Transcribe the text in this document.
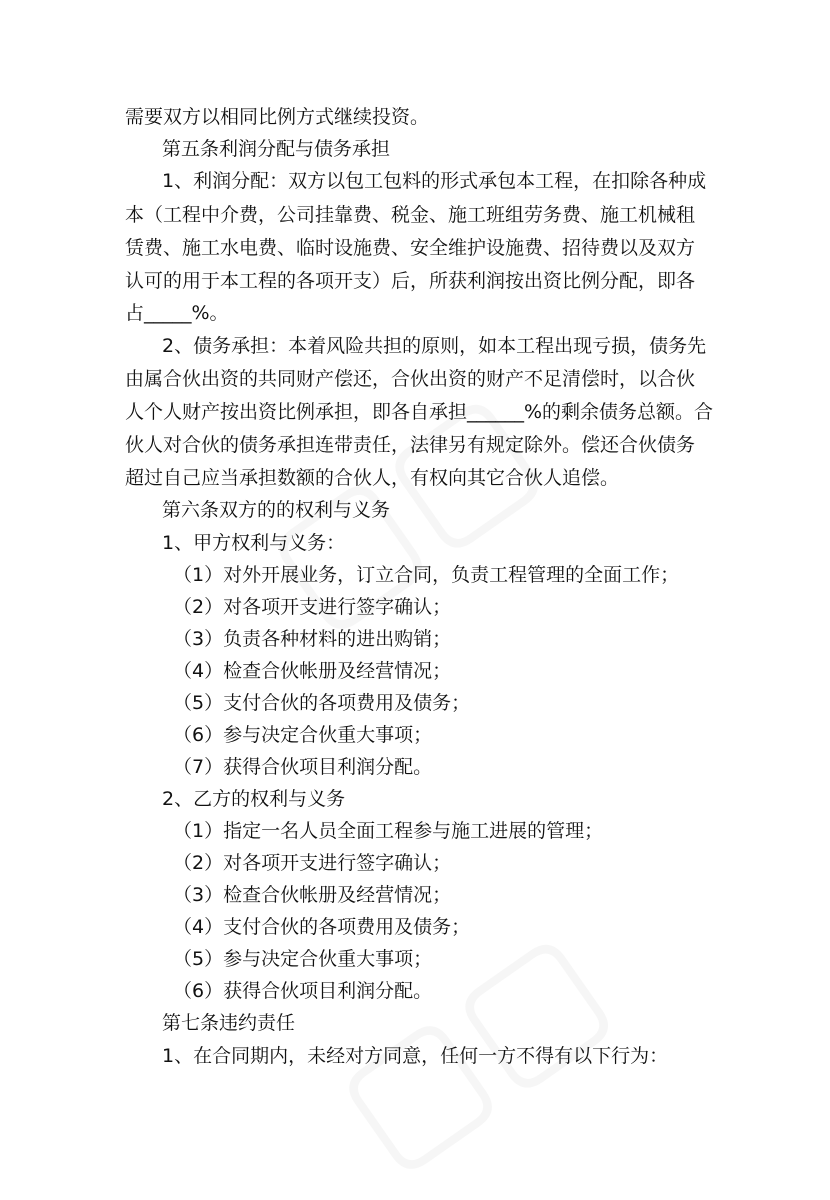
需要双方以相同比例方式继续投资。
第五条利润分配与债务承担
1、利润分配：双方以包工包料的形式承包本工程，在扣除各种成
本（工程中介费，公司挂靠费、税金、施工班组劳务费、施工机械租
赁费、施工水电费、临时设施费、安全维护设施费、招待费以及双方
认可的用于本工程的各项开支）后，所获利润按出资比例分配，即各
占_____%。
2、债务承担：本着风险共担的原则，如本工程出现亏损，债务先
由属合伙出资的共同财产偿还，合伙出资的财产不足清偿时，以合伙
人个人财产按出资比例承担，即各自承担______%的剩余债务总额。合
伙人对合伙的债务承担连带责任，法律另有规定除外。偿还合伙债务
超过自己应当承担数额的合伙人，有权向其它合伙人追偿。
第六条双方的的权利与义务
1、甲方权利与义务：
（1）对外开展业务，订立合同，负责工程管理的全面工作；
（2）对各项开支进行签字确认；
（3）负责各种材料的进出购销；
（4）检查合伙帐册及经营情况；
（5）支付合伙的各项费用及债务；
（6）参与决定合伙重大事项；
（7）获得合伙项目利润分配。
2、乙方的权利与义务
（1）指定一名人员全面工程参与施工进展的管理；
（2）对各项开支进行签字确认；
（3）检查合伙帐册及经营情况；
（4）支付合伙的各项费用及债务；
（5）参与决定合伙重大事项；
（6）获得合伙项目利润分配。
第七条违约责任
1、在合同期内，未经对方同意，任何一方不得有以下行为：
